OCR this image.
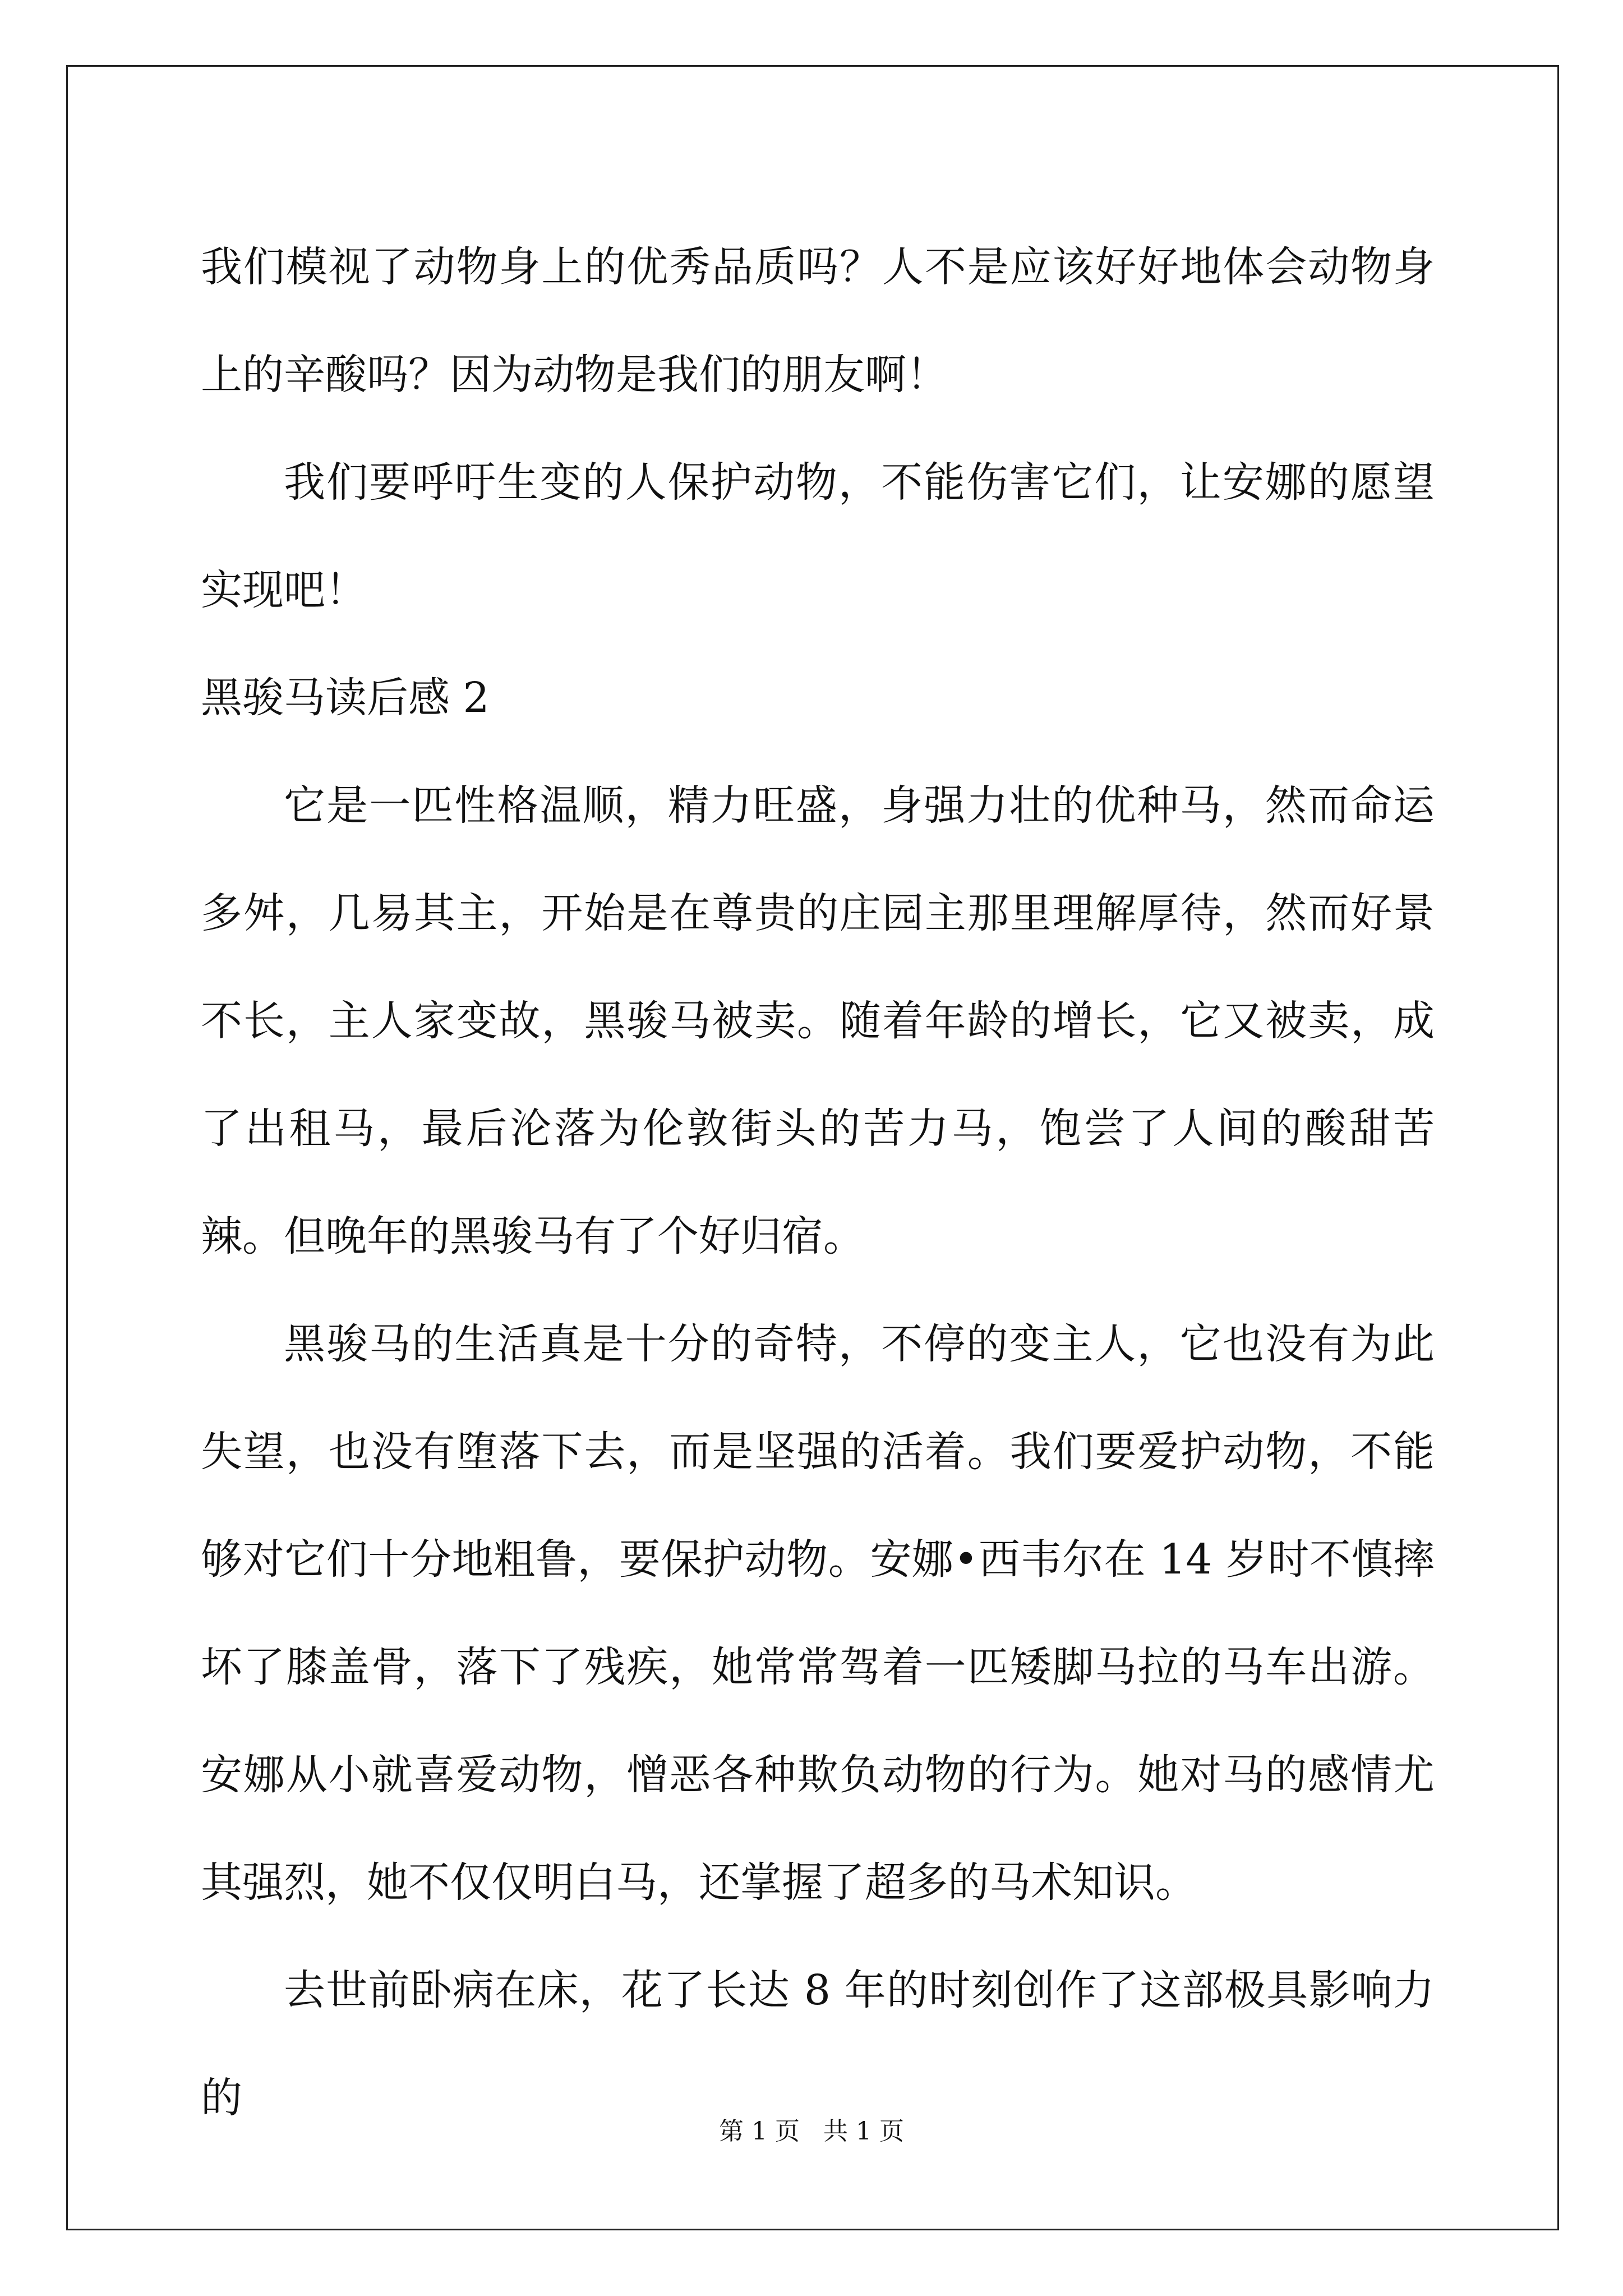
我们模视了动物身上的优秀品质吗？人不是应该好好地体会动物身上的辛酸吗？因为动物是我们的朋友啊！

我们要呼吁生变的人保护动物，不能伤害它们，让安娜的愿望实现吧！

黑骏马读后感 2

它是一匹性格温顺，精力旺盛，身强力壮的优种马，然而命运多舛，几易其主，开始是在尊贵的庄园主那里理解厚待，然而好景不长，主人家变故，黑骏马被卖。随着年龄的增长，它又被卖，成了出租马，最后沦落为伦敦街头的苦力马，饱尝了人间的酸甜苦辣。但晚年的黑骏马有了个好归宿。

黑骏马的生活真是十分的奇特，不停的变主人，它也没有为此失望，也没有堕落下去，而是坚强的活着。我们要爱护动物，不能够对它们十分地粗鲁，要保护动物。安娜•西韦尔在 14 岁时不慎摔坏了膝盖骨，落下了残疾，她常常驾着一匹矮脚马拉的马车出游。安娜从小就喜爱动物，憎恶各种欺负动物的行为。她对马的感情尤其强烈，她不仅仅明白马，还掌握了超多的马术知识。

去世前卧病在床，花了长达 8 年的时刻创作了这部极具影响力的

第 1 页 共 1 页
